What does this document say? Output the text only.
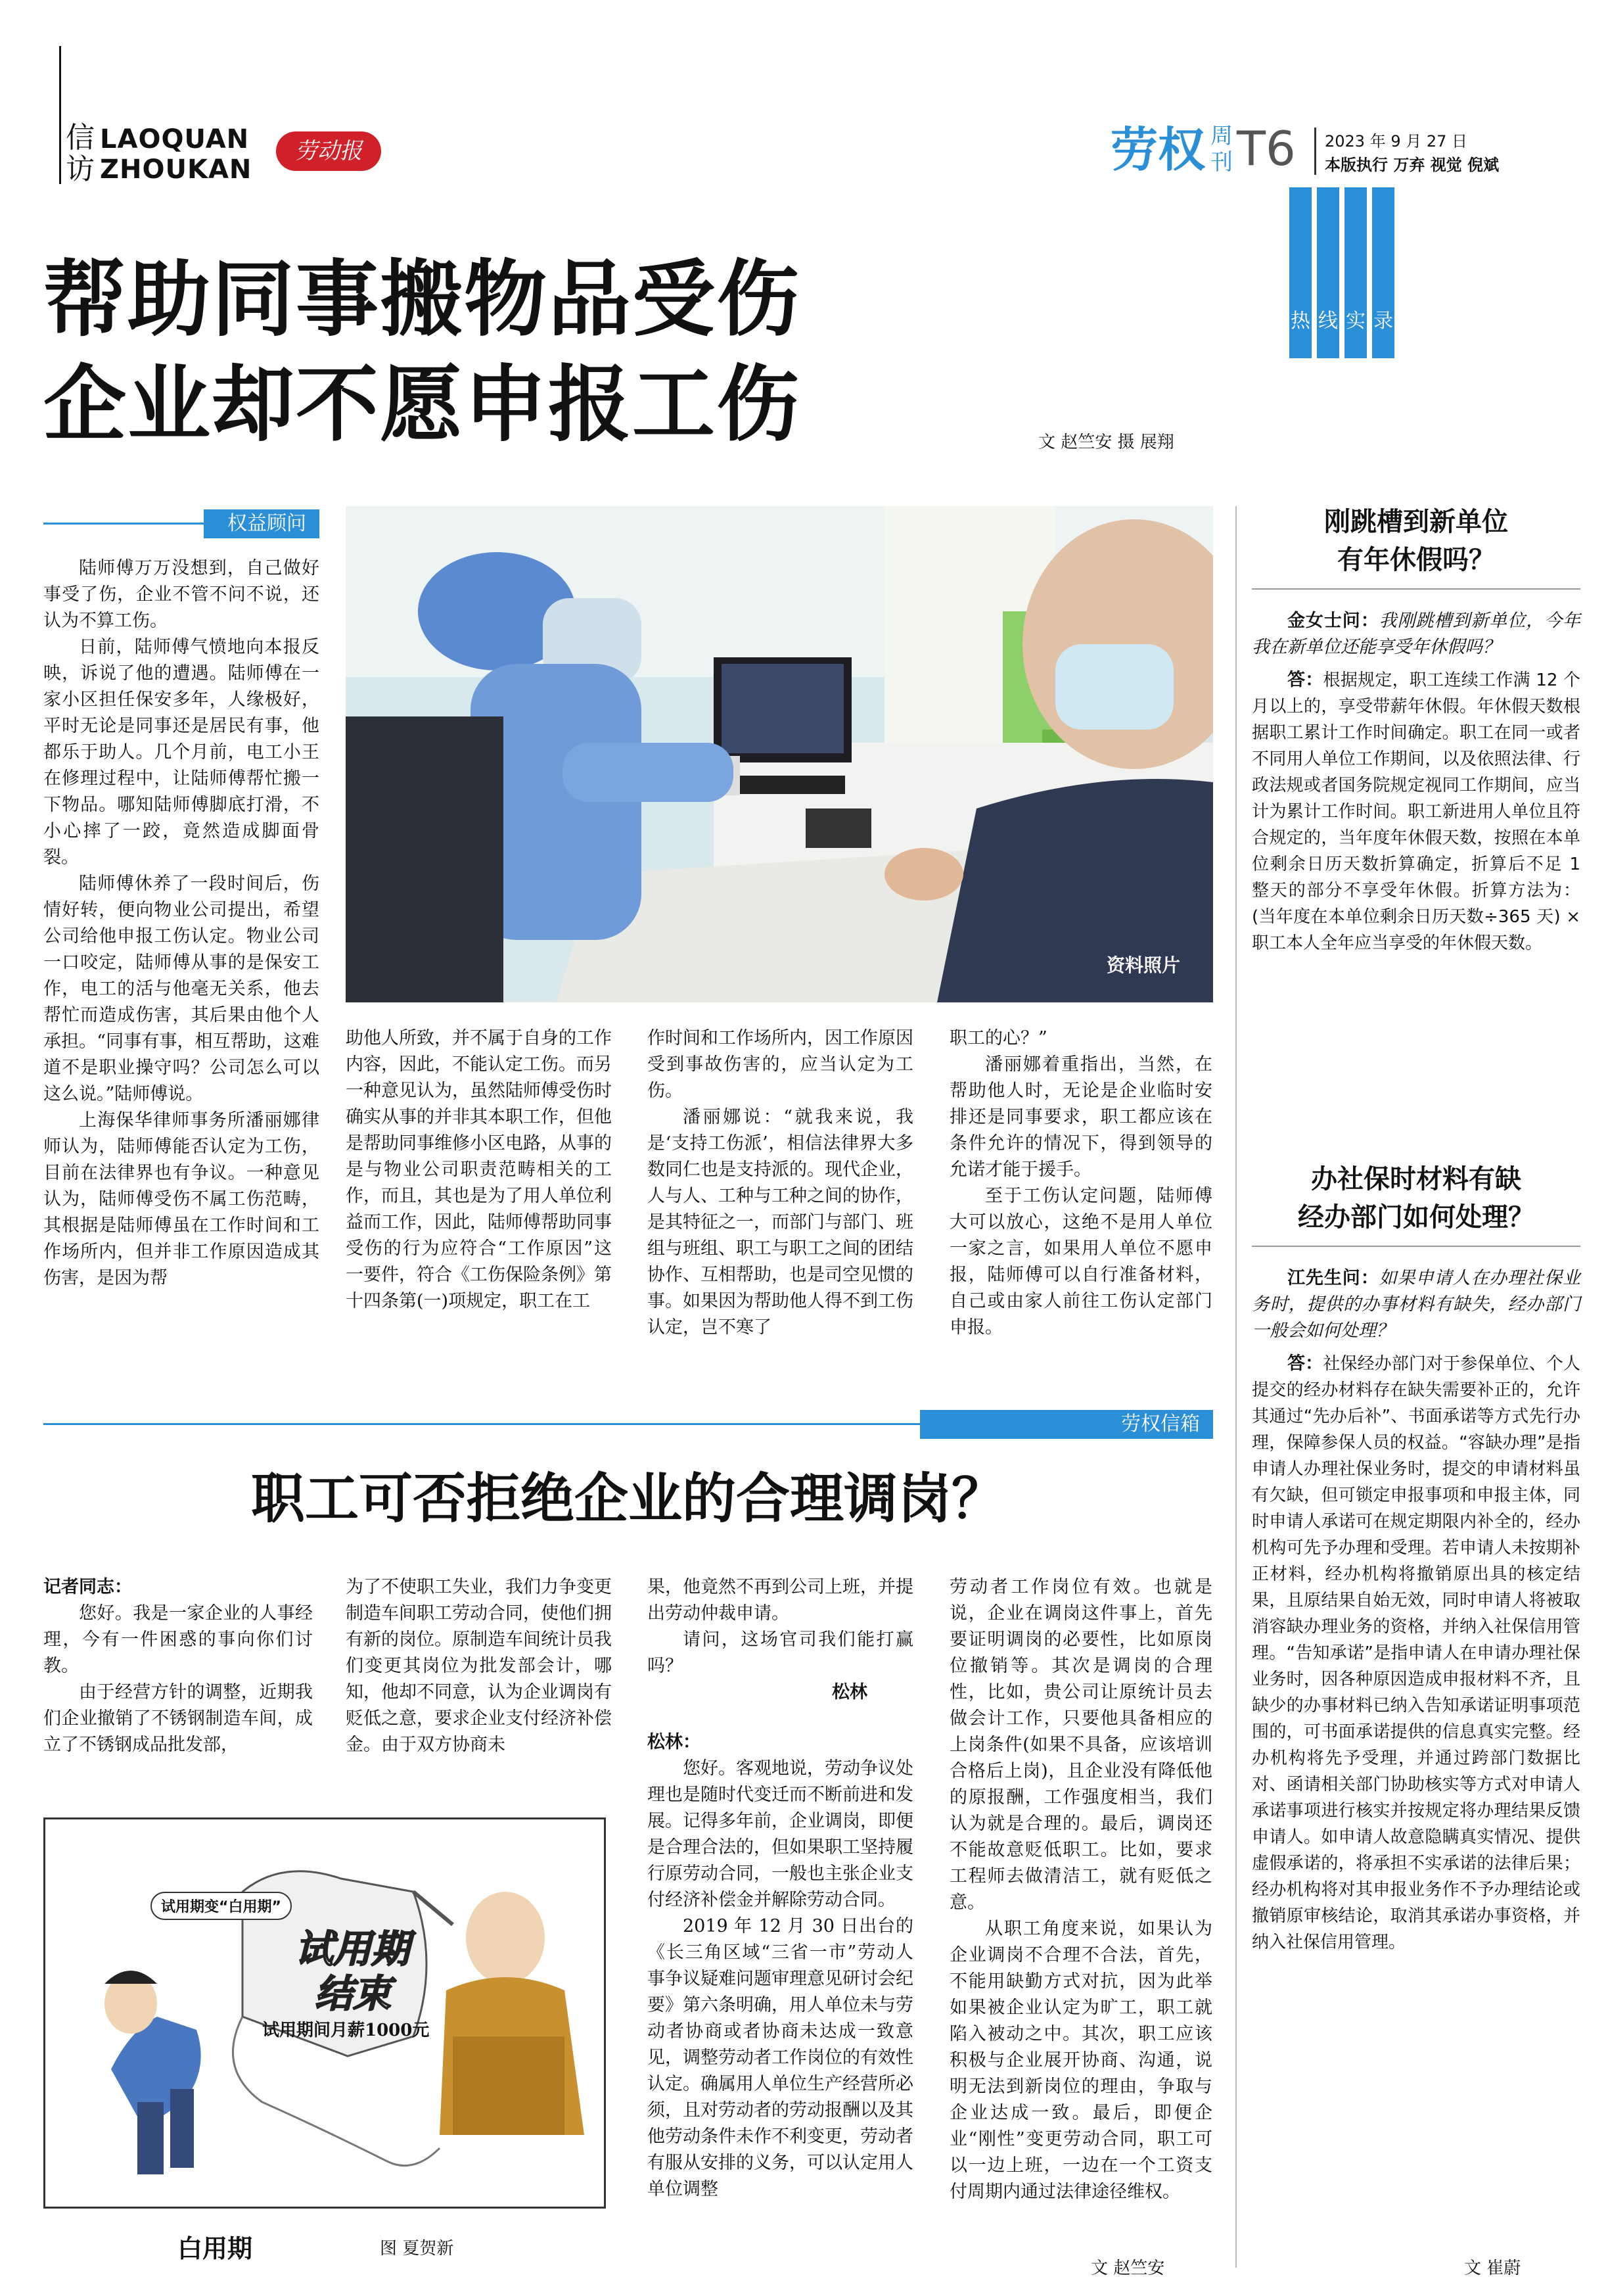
信
访
LAOQUAN
ZHOUKAN
劳动报	劳权 周
刊 T6 2023 年 9 月 27 日
本版执行 万弃 视觉 倪斌
热 线 实 录
帮助同事搬物品受伤
企业却不愿申报工伤	文 赵竺安 摄 展翔
权益顾问
资料照片

陆师傅万万没想到，自己做好事受了伤，企业不管不问不说，还认为不算工伤。

日前，陆师傅气愤地向本报反映，诉说了他的遭遇。陆师傅在一家小区担任保安多年，人缘极好，平时无论是同事还是居民有事，他都乐于助人。几个月前，电工小王在修理过程中，让陆师傅帮忙搬一下物品。哪知陆师傅脚底打滑，不小心摔了一跤，竟然造成脚面骨裂。

陆师傅休养了一段时间后，伤情好转，便向物业公司提出，希望公司给他申报工伤认定。物业公司一口咬定，陆师傅从事的是保安工作，电工的活与他毫无关系，他去帮忙而造成伤害，其后果由他个人承担。“同事有事，相互帮助，这难道不是职业操守吗？公司怎么可以这么说。”陆师傅说。

上海保华律师事务所潘丽娜律师认为，陆师傅能否认定为工伤，目前在法律界也有争议。一种意见认为，陆师傅受伤不属工伤范畴，其根据是陆师傅虽在工作时间和工作场所内，但并非工作原因造成其伤害，是因为帮

助他人所致，并不属于自身的工作内容，因此，不能认定工伤。而另一种意见认为，虽然陆师傅受伤时确实从事的并非其本职工作，但他是帮助同事维修小区电路，从事的是与物业公司职责范畴相关的工作，而且，其也是为了用人单位利益而工作，因此，陆师傅帮助同事受伤的行为应符合“工作原因”这一要件，符合《工伤保险条例》第十四条第(一)项规定，职工在工

作时间和工作场所内，因工作原因受到事故伤害的，应当认定为工伤。

潘丽娜说：“就我来说，我是‘支持工伤派’，相信法律界大多数同仁也是支持派的。现代企业，人与人、工种与工种之间的协作，是其特征之一，而部门与部门、班组与班组、职工与职工之间的团结协作、互相帮助，也是司空见惯的事。如果因为帮助他人得不到工伤认定，岂不寒了

职工的心？”

潘丽娜着重指出，当然，在帮助他人时，无论是企业临时安排还是同事要求，职工都应该在条件允许的情况下，得到领导的允诺才能于援手。

至于工伤认定问题，陆师傅大可以放心，这绝不是用人单位一家之言，如果用人单位不愿申报，陆师傅可以自行准备材料，自己或由家人前往工伤认定部门申报。

劳权信箱
职工可否拒绝企业的合理调岗？

记者同志：

您好。我是一家企业的人事经理，今有一件困惑的事向你们讨教。

由于经营方针的调整，近期我们企业撤销了不锈钢制造车间，成立了不锈钢成品批发部，

为了不使职工失业，我们力争变更制造车间职工劳动合同，使他们拥有新的岗位。原制造车间统计员我们变更其岗位为批发部会计，哪知，他却不同意，认为企业调岗有贬低之意，要求企业支付经济补偿金。由于双方协商未

果，他竟然不再到公司上班，并提出劳动仲裁申请。

请问，这场官司我们能打赢吗？

松林

松林：

您好。客观地说，劳动争议处理也是随时代变迁而不断前进和发展。记得多年前，企业调岗，即便是合理合法的，但如果职工坚持履行原劳动合同，一般也主张企业支付经济补偿金并解除劳动合同。

2019 年 12 月 30 日出台的《长三角区域“三省一市”劳动人事争议疑难问题审理意见研讨会纪要》第六条明确，用人单位未与劳动者协商或者协商未达成一致意见，调整劳动者工作岗位的有效性认定。确属用人单位生产经营所必须，且对劳动者的劳动报酬以及其他劳动条件未作不利变更，劳动者有服从安排的义务，可以认定用人单位调整

劳动者工作岗位有效。也就是说，企业在调岗这件事上，首先要证明调岗的必要性，比如原岗位撤销等。其次是调岗的合理性，比如，贵公司让原统计员去做会计工作，只要他具备相应的上岗条件(如果不具备，应该培训合格后上岗)，且企业没有降低他的原报酬，工作强度相当，我们认为就是合理的。最后，调岗还不能故意贬低职工。比如，要求工程师去做清洁工，就有贬低之意。

从职工角度来说，如果认为企业调岗不合理不合法，首先，不能用缺勤方式对抗，因为此举如果被企业认定为旷工，职工就陷入被动之中。其次，职工应该积极与企业展开协商、沟通，说明无法到新岗位的理由，争取与企业达成一致。最后，即便企业“刚性”变更劳动合同，职工可以一边上班，一边在一个工资支付周期内通过法律途径维权。

文 赵竺安
试用期变“白用期”
试用期
结束
试用期间月薪1000元
白用期	图 夏贺新
刚跳槽到新单位
有年休假吗？
金女士问：我刚跳槽到新单位，今年我在新单位还能享受年休假吗？
答：根据规定，职工连续工作满 12 个月以上的，享受带薪年休假。年休假天数根据职工累计工作时间确定。职工在同一或者不同用人单位工作期间，以及依照法律、行政法规或者国务院规定视同工作期间，应当计为累计工作时间。职工新进用人单位且符合规定的，当年度年休假天数，按照在本单位剩余日历天数折算确定，折算后不足 1 整天的部分不享受年休假。折算方法为：(当年度在本单位剩余日历天数÷365 天) ×职工本人全年应当享受的年休假天数。
办社保时材料有缺
经办部门如何处理？
江先生问：如果申请人在办理社保业务时，提供的办事材料有缺失，经办部门一般会如何处理？
答：社保经办部门对于参保单位、个人提交的经办材料存在缺失需要补正的，允许其通过“先办后补”、书面承诺等方式先行办理，保障参保人员的权益。“容缺办理”是指申请人办理社保业务时，提交的申请材料虽有欠缺，但可锁定申报事项和申报主体，同时申请人承诺可在规定期限内补全的，经办机构可先予办理和受理。若申请人未按期补正材料，经办机构将撤销原出具的核定结果，且原结果自始无效，同时申请人将被取消容缺办理业务的资格，并纳入社保信用管理。“告知承诺”是指申请人在申请办理社保业务时，因各种原因造成申报材料不齐，且缺少的办事材料已纳入告知承诺证明事项范围的，可书面承诺提供的信息真实完整。经办机构将先予受理，并通过跨部门数据比对、函请相关部门协助核实等方式对申请人承诺事项进行核实并按规定将办理结果反馈申请人。如申请人故意隐瞒真实情况、提供虚假承诺的，将承担不实承诺的法律后果；经办机构将对其申报业务作不予办理结论或撤销原审核结论，取消其承诺办事资格，并纳入社保信用管理。
文 崔蔚
